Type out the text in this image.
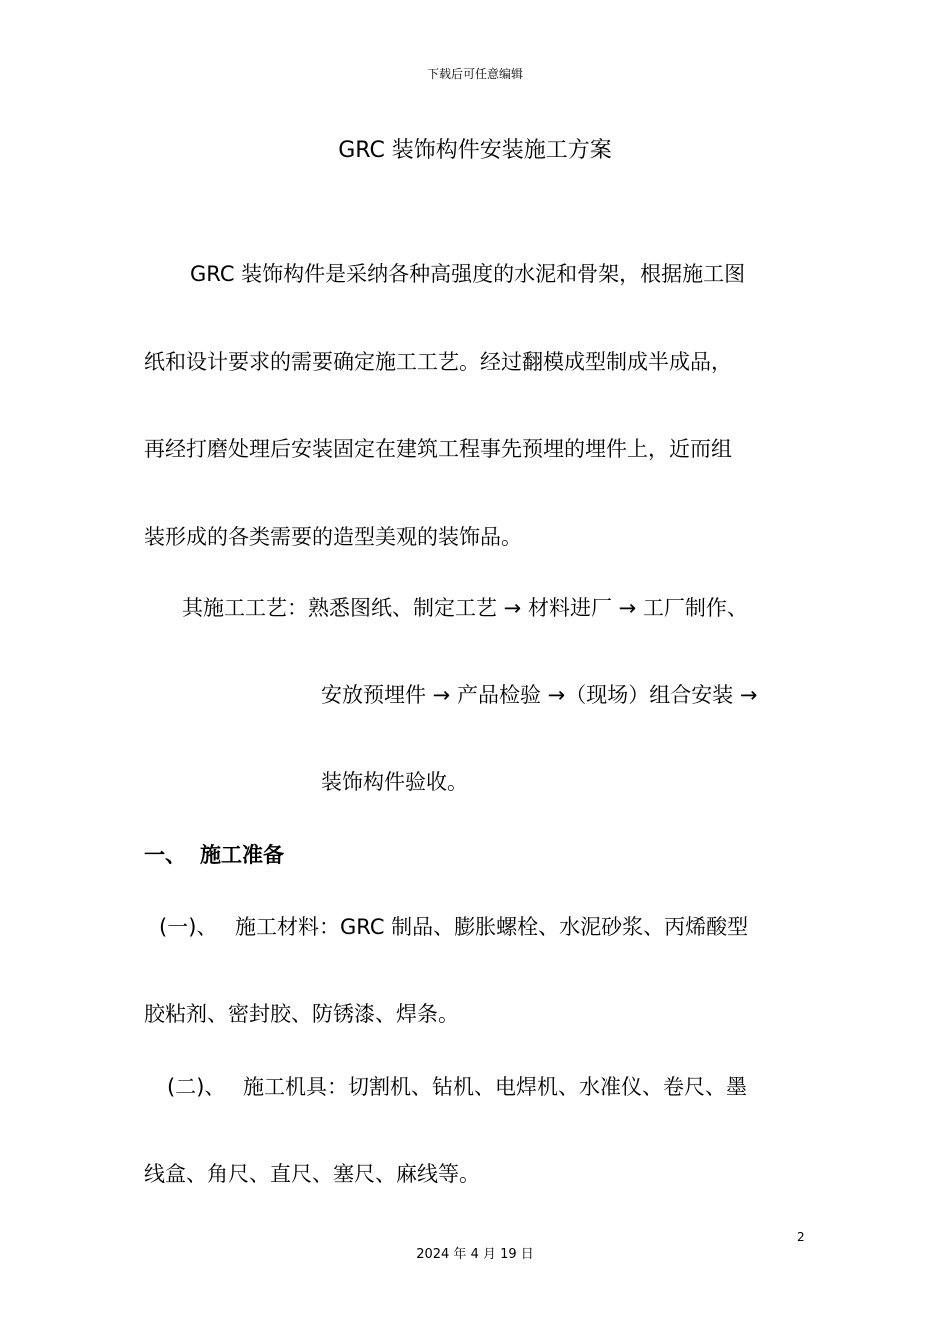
下载后可任意编辑
GRC 装饰构件安装施工方案
GRC 装饰构件是采纳各种高强度的水泥和骨架，根据施工图
纸和设计要求的需要确定施工工艺。经过翻模成型制成半成品，
再经打磨处理后安装固定在建筑工程事先预埋的埋件上，近而组
装形成的各类需要的造型美观的装饰品。
其施工工艺：熟悉图纸、制定工艺 → 材料进厂 → 工厂制作、
安放预埋件 → 产品检验 →（现场）组合安装 →
装饰构件验收。
一、 施工准备
(一)、 施工材料：GRC 制品、膨胀螺栓、水泥砂浆、丙烯酸型
胶粘剂、密封胶、防锈漆、焊条。
(二)、 施工机具：切割机、钻机、电焊机、水准仪、卷尺、墨
线盒、角尺、直尺、塞尺、麻线等。
2
2024 年 4 月 19 日
